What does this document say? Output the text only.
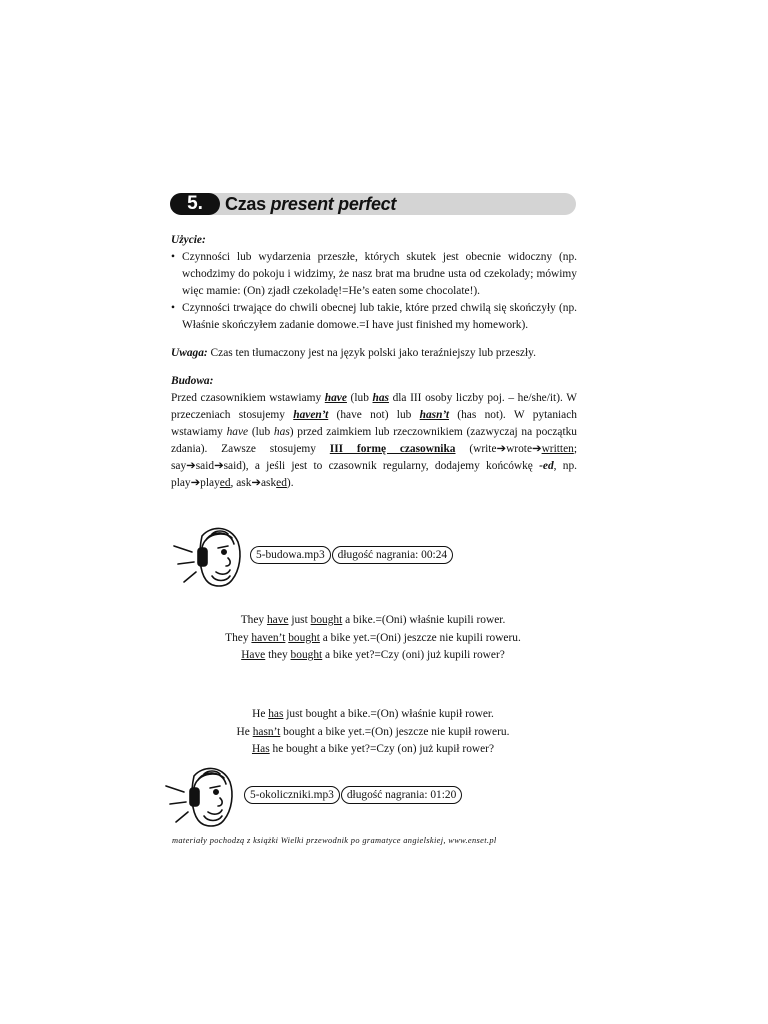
5.	Czas present perfect

Użycie:

• Czynności lub wydarzenia przeszłe, których skutek jest obecnie widoczny (np. wchodzimy do pokoju i widzimy, że nasz brat ma brudne usta od czekolady; mówimy więc mamie: (On) zjadł czekoladę!=He’s eaten some chocolate!).

• Czynności trwające do chwili obecnej lub takie, które przed chwilą się skończyły (np. Właśnie skończyłem zadanie domowe.=I have just finished my homework).

Uwaga: Czas ten tłumaczony jest na język polski jako teraźniejszy lub przeszły.

Budowa:

Przed czasownikiem wstawiamy have (lub has dla III osoby liczby poj. – he/she/it). W przeczeniach stosujemy haven’t (have not) lub hasn’t (has not). W pytaniach wstawiamy have (lub has) przed zaimkiem lub rzeczownikiem (zazwyczaj na początku zdania). Zawsze stosujemy III formę czasownika (write➔wrote➔written; say➔said➔said), a jeśli jest to czasownik regularny, dodajemy końcówkę -ed, np. play➔played, ask➔asked).

5-budowa.mp3	długość nagrania: 00:24

They have just bought a bike.=(Oni) właśnie kupili rower.

They haven’t bought a bike yet.=(Oni) jeszcze nie kupili roweru.

Have they bought a bike yet?=Czy (oni) już kupili rower?

He has just bought a bike.=(On) właśnie kupił rower.

He hasn’t bought a bike yet.=(On) jeszcze nie kupił roweru.

Has he bought a bike yet?=Czy (on) już kupił rower?

5-okoliczniki.mp3	długość nagrania: 01:20
materiały pochodzą z książki Wielki przewodnik po gramatyce angielskiej, www.enset.pl
